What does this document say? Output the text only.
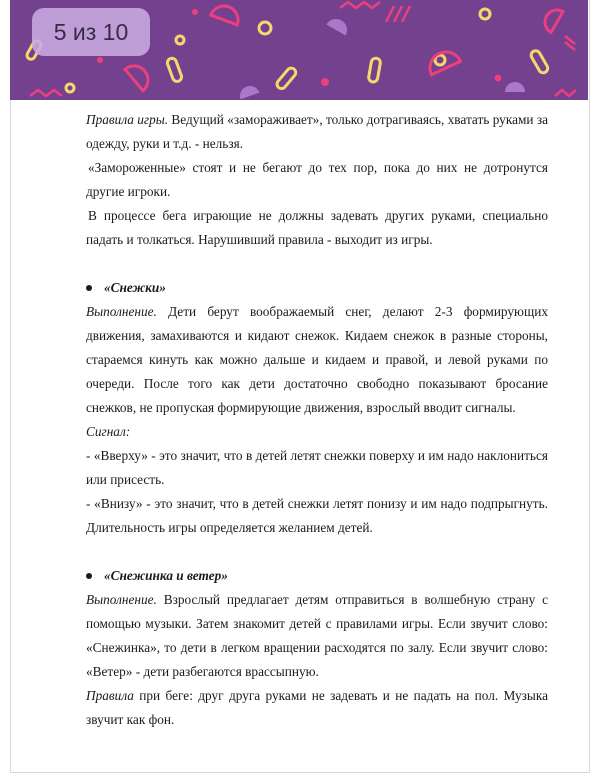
5 из 10

Правила игры. Ведущий «замораживает», только дотрагиваясь, хватать руками за одежду, руки и т.д. - нельзя.

«Замороженные» стоят и не бегают до тех пор, пока до них не дотронутся другие игроки.

В процессе бега играющие не должны задевать других руками, специально падать и толкаться. Нарушивший правила - выходит из игры.

«Снежки»

Выполнение. Дети берут воображаемый снег, делают 2-3 формирующих движения, замахиваются и кидают снежок. Кидаем снежок в разные стороны, стараемся кинуть как можно дальше и кидаем и правой, и левой руками по очереди. После того как дети достаточно свободно показывают бросание снежков, не пропуская формирующие движения, взрослый вводит сигналы.

Сигнал:

- «Вверху» - это значит, что в детей летят снежки поверху и им надо наклониться или присесть.

- «Внизу» - это значит, что в детей снежки летят понизу и им надо подпрыгнуть. Длительность игры определяется желанием детей.

«Снежинка и ветер»

Выполнение. Взрослый предлагает детям отправиться в волшебную страну с помощью музыки. Затем знакомит детей с правилами игры. Если звучит слово: «Снежинка», то дети в легком вращении расходятся по залу. Если звучит слово: «Ветер» - дети разбегаются врассыпную.

Правила при беге: друг друга руками не задевать и не падать на пол. Музыка звучит как фон.
